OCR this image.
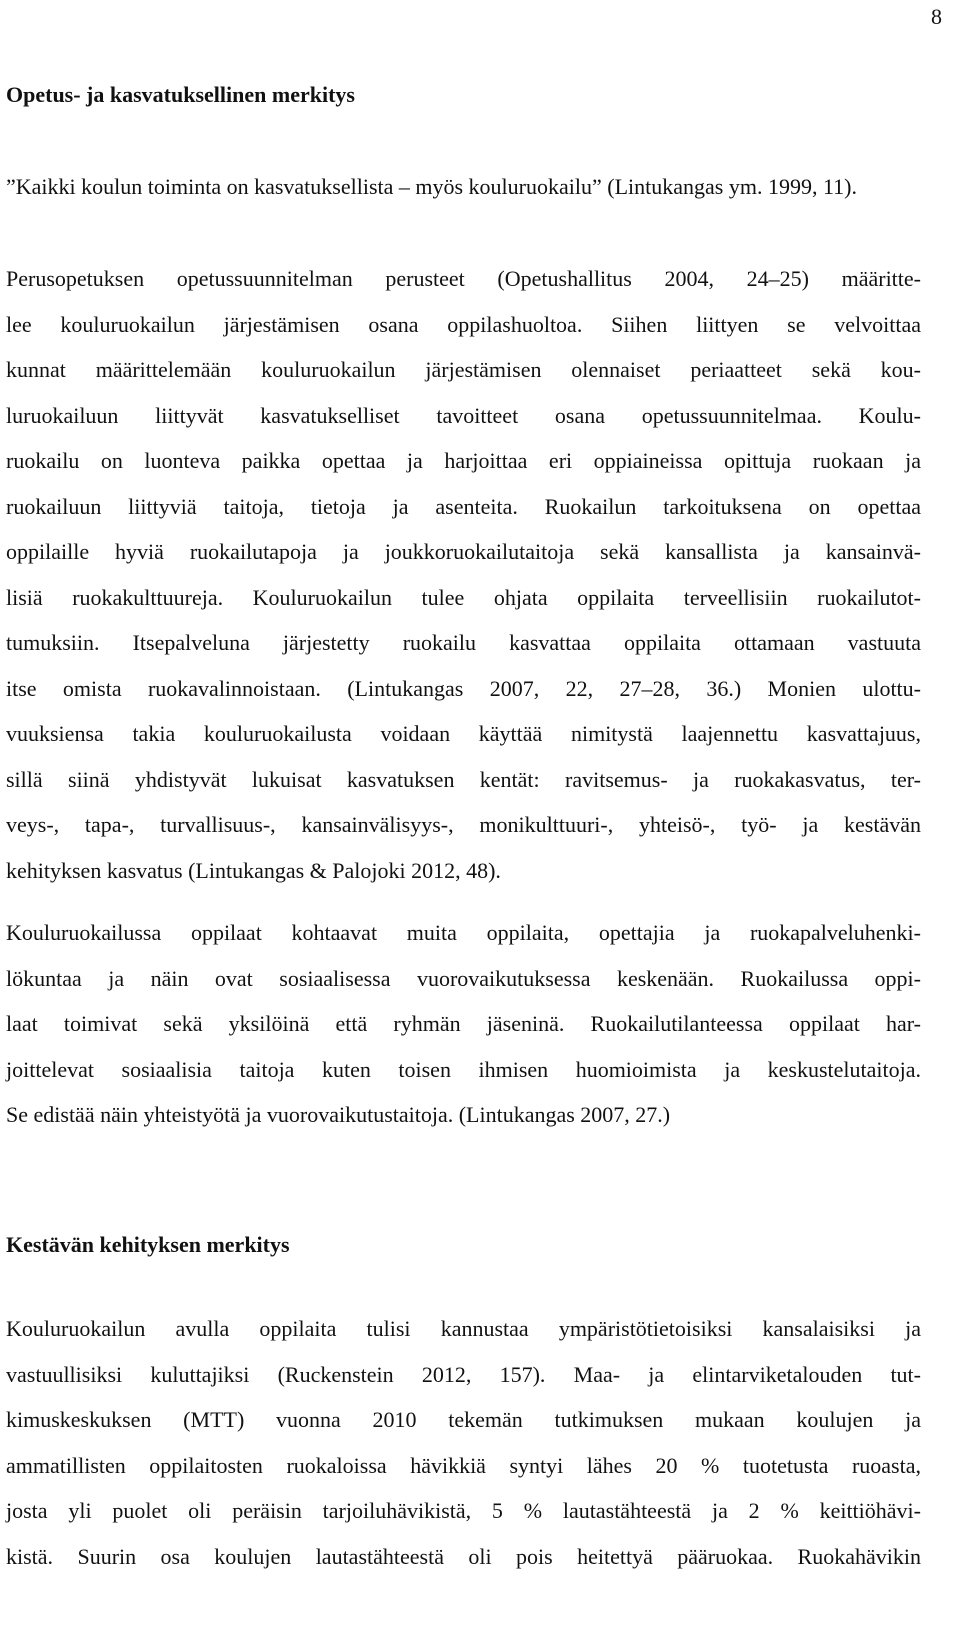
8
Opetus- ja kasvatuksellinen merkitys
”Kaikki koulun toiminta on kasvatuksellista – myös kouluruokailu” (Lintukangas ym. 1999, 11).
Perusopetuksen opetussuunnitelman perusteet (Opetushallitus 2004, 24–25) määritte-
lee kouluruokailun järjestämisen osana oppilashuoltoa. Siihen liittyen se velvoittaa
kunnat määrittelemään kouluruokailun järjestämisen olennaiset periaatteet sekä kou-
luruokailuun liittyvät kasvatukselliset tavoitteet osana opetussuunnitelmaa. Koulu-
ruokailu on luonteva paikka opettaa ja harjoittaa eri oppiaineissa opittuja ruokaan ja
ruokailuun liittyviä taitoja, tietoja ja asenteita. Ruokailun tarkoituksena on opettaa
oppilaille hyviä ruokailutapoja ja joukkoruokailutaitoja sekä kansallista ja kansainvä-
lisiä ruokakulttuureja. Kouluruokailun tulee ohjata oppilaita terveellisiin ruokailutot-
tumuksiin. Itsepalveluna järjestetty ruokailu kasvattaa oppilaita ottamaan vastuuta
itse omista ruokavalinnoistaan. (Lintukangas 2007, 22, 27–28, 36.) Monien ulottu-
vuuksiensa takia kouluruokailusta voidaan käyttää nimitystä laajennettu kasvattajuus,
sillä siinä yhdistyvät lukuisat kasvatuksen kentät: ravitsemus- ja ruokakasvatus, ter-
veys-, tapa-, turvallisuus-, kansainvälisyys-, monikulttuuri-, yhteisö-, työ- ja kestävän
kehityksen kasvatus (Lintukangas & Palojoki 2012, 48).
Kouluruokailussa oppilaat kohtaavat muita oppilaita, opettajia ja ruokapalveluhenki-
lökuntaa ja näin ovat sosiaalisessa vuorovaikutuksessa keskenään. Ruokailussa oppi-
laat toimivat sekä yksilöinä että ryhmän jäseninä. Ruokailutilanteessa oppilaat har-
joittelevat sosiaalisia taitoja kuten toisen ihmisen huomioimista ja keskustelutaitoja.
Se edistää näin yhteistyötä ja vuorovaikutustaitoja. (Lintukangas 2007, 27.)
Kestävän kehityksen merkitys
Kouluruokailun avulla oppilaita tulisi kannustaa ympäristötietoisiksi kansalaisiksi ja
vastuullisiksi kuluttajiksi (Ruckenstein 2012, 157). Maa- ja elintarviketalouden tut-
kimuskeskuksen (MTT) vuonna 2010 tekemän tutkimuksen mukaan koulujen ja
ammatillisten oppilaitosten ruokaloissa hävikkiä syntyi lähes 20 % tuotetusta ruoasta,
josta yli puolet oli peräisin tarjoiluhävikistä, 5 % lautastähteestä ja 2 % keittiöhävi-
kistä. Suurin osa koulujen lautastähteestä oli pois heitettyä pääruokaa. Ruokahävikin
